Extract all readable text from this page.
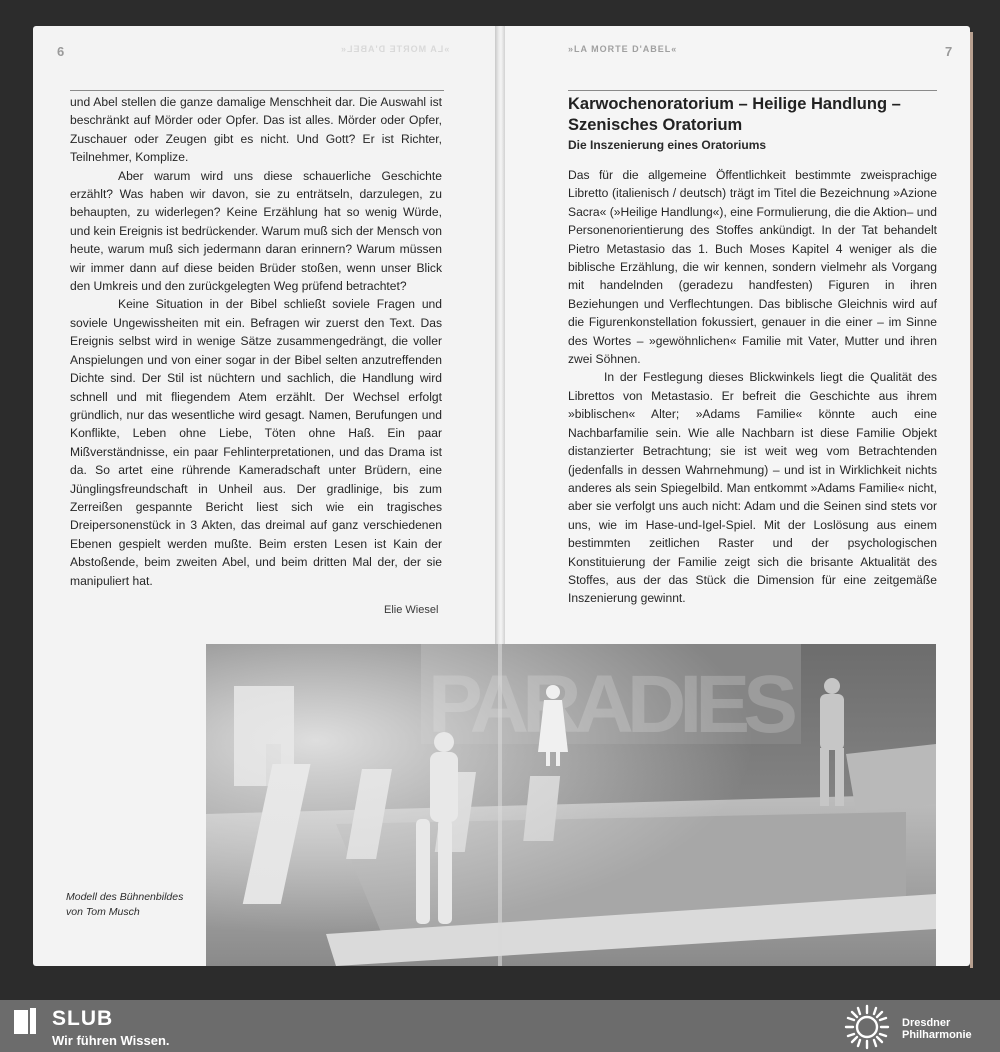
6	7
»LA MORTE D'ABEL«	»LA MORTE D'ABEL«

und Abel stellen die ganze damalige Menschheit dar. Die Auswahl ist beschränkt auf Mörder oder Opfer. Das ist alles. Mörder oder Opfer, Zuschauer oder Zeugen gibt es nicht. Und Gott? Er ist Richter, Teilnehmer, Komplize.

Aber warum wird uns diese schauerliche Geschichte erzählt? Was haben wir davon, sie zu enträtseln, darzulegen, zu behaupten, zu widerlegen? Keine Erzählung hat so wenig Würde, und kein Ereignis ist bedrückender. Warum muß sich der Mensch von heute, warum muß sich jedermann daran erinnern? Warum müssen wir immer dann auf diese beiden Brüder stoßen, wenn unser Blick den Umkreis und den zurückgelegten Weg prüfend betrachtet?

Keine Situation in der Bibel schließt soviele Fragen und soviele Ungewissheiten mit ein. Befragen wir zuerst den Text. Das Ereignis selbst wird in wenige Sätze zusammengedrängt, die voller Anspielungen und von einer sogar in der Bibel selten anzutreffenden Dichte sind. Der Stil ist nüchtern und sachlich, die Handlung wird schnell und mit fliegendem Atem erzählt. Der Wechsel erfolgt gründlich, nur das wesentliche wird gesagt. Namen, Berufungen und Konflikte, Leben ohne Liebe, Töten ohne Haß. Ein paar Mißverständnisse, ein paar Fehlinterpretationen, und das Drama ist da. So artet eine rührende Kameradschaft unter Brüdern, eine Jünglingsfreundschaft in Unheil aus. Der gradlinige, bis zum Zerreißen gespannte Bericht liest sich wie ein tragisches Dreipersonenstück in 3 Akten, das dreimal auf ganz verschiedenen Ebenen gespielt werden mußte. Beim ersten Lesen ist Kain der Abstoßende, beim zweiten Abel, und beim dritten Mal der, der sie manipuliert hat.

Elie Wiesel
Karwochenoratorium – Heilige Handlung – Szenisches Oratorium
Die Inszenierung eines Oratoriums

Das für die allgemeine Öffentlichkeit bestimmte zweisprachige Libretto (italienisch / deutsch) trägt im Titel die Bezeichnung »Azione Sacra« (»Heilige Handlung«), eine Formulierung, die die Aktion– und Personenorientierung des Stoffes ankündigt. In der Tat behandelt Pietro Metastasio das 1. Buch Moses Kapitel 4 weniger als die biblische Erzählung, die wir kennen, sondern vielmehr als Vorgang mit handelnden (geradezu handfesten) Figuren in ihren Beziehungen und Verflechtungen. Das biblische Gleichnis wird auf die Figurenkonstellation fokussiert, genauer in die einer – im Sinne des Wortes – »gewöhnlichen« Familie mit Vater, Mutter und ihren zwei Söhnen.

In der Festlegung dieses Blickwinkels liegt die Qualität des Librettos von Metastasio. Er befreit die Geschichte aus ihrem »biblischen« Alter; »Adams Familie« könnte auch eine Nachbarfamilie sein. Wie alle Nachbarn ist diese Familie Objekt distanzierter Betrachtung; sie ist weit weg vom Betrachtenden (jedenfalls in dessen Wahrnehmung) – und ist in Wirklichkeit nichts anderes als sein Spiegelbild. Man entkommt »Adams Familie« nicht, aber sie verfolgt uns auch nicht: Adam und die Seinen sind stets vor uns, wie im Hase-und-Igel-Spiel. Mit der Loslösung aus einem bestimmten zeitlichen Raster und der psychologischen Konstituierung der Familie zeigt sich die brisante Aktualität des Stoffes, aus der das Stück die Dimension für eine zeitgemäße Inszenierung gewinnt.

Modell des Bühnenbildes
von Tom Musch
SLUB
Wir führen Wissen.
Dresdner
Philharmonie
